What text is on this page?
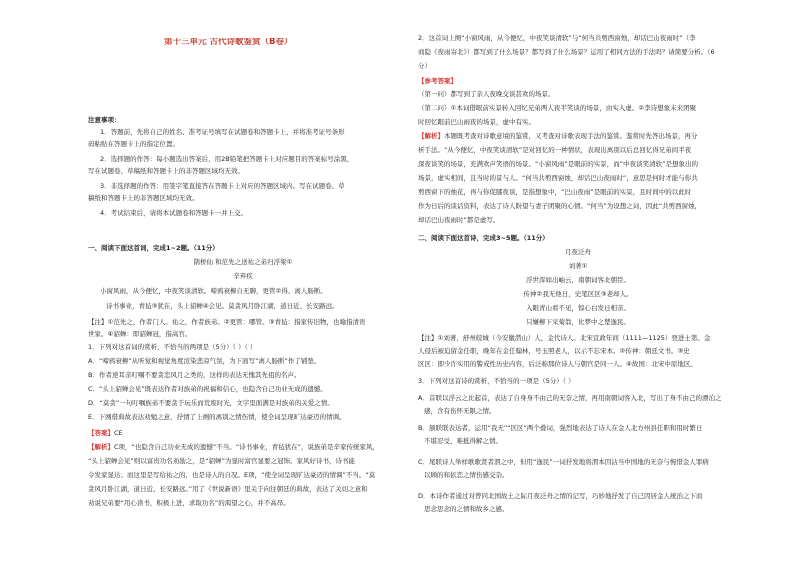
第十三单元 古代诗歌鉴赏（B卷）
注意事项：
1．答题前，先将自己的姓名、准考证号填写在试题卷和答题卡上，并将准考证号条形
码粘贴在答题卡上的指定位置。
2．选择题的作答：每小题选出答案后，用2B铅笔把答题卡上对应题目的答案标号涂黑，
写在试题卷、草稿纸和答题卡上的非答题区域均无效。
3．非选择题的作答：用签字笔直接答在答题卡上对应的答题区域内。写在试题卷、草
稿纸和答题卡上的非答题区域均无效。
4．考试结束后，请将本试题卷和答题卡一并上交。
一、阅读下面这首词，完成1~2题。（11分）
鹊桥仙 和范先之送祐之弟归浮梁①
辛弃疾
小窗风雨，从今便忆，中夜笑谈清软。啼鸦衰柳自无聊，更管②得、离人肠断。
诗书事业，青毡③犹在，头上貂蝉④会见。莫贪风月卧江湖，道日近、长安路远。
【注】①范先之，作者门人。祐之，作者族弟。②更管：哪管。③青毡：指家传旧物，也喻指清贵
世家。④貂蝉：即貂蝉冠，指高官。
1．下列对这首词的赏析，不恰当的两项是（5分）（ ）（ ）
A．“啼鸦衰柳”从听觉和视觉角度渲染悲凉气氛，为下面写“离人肠断”作了铺垫。
B．作者逆耳亲叮嘱不要贪恋风月之类的，这样的表达无愧其先祖的名声。
C．“头上貂蝉会见”既表达作者对族弟的祝福和信心，也隐含自己功业无成的遗憾。
D．“莫贪”一句叮嘱族弟不要贪于玩乐而荒废时光，文字里面满是对族弟的关爱之情。
E．下阕借典故表达劝勉之意，抒情了上阕的离别之情伤情，使全词呈现旷达豪迈的情调。
【答案】CE
【解析】C项，“也隐含自己功业无成的遗憾”不当。“诗书事业，青毡犹在”，说族弟是辛家传统家风，
“头上貂蝉会见”则以富贵功名劝励之，是“貂蝉”为显时富官显要之冠饰。家风好诗书，诗书能
令发家显达；而这里是写给祐之的，也是诗人的自况。E项，“使全词呈现旷达豪迈的情调”不当。“莫
贪风月卧江湖，道日近、长安路远。”用了《世说新语》里关于向往朝廷的典故，表达了关切之意和
劝说兄弟要“用心读书，积极上进，求取功名”的渴望之心，并不高昂。
2．这首词上阕“小窗风雨，从今便忆，中夜笑谈清软”与“何当共剪西窗烛，却话巴山夜雨时”（李
商隐《夜雨寄北》）都写到了什么场景？都写到了什么场景？运用了相同方法的手法吗？请简要分析。（6
分）
【参考答案】
（第一问）都写到了亲人夜晚交谈甚欢的场景。
（第二问）①本词借眼前实景转入回忆兄弟两人夜半笑谈的场景，由实入虚。②李诗想象未来团聚
时回忆眼前巴山雨夜的场景，虚中有实。
【解析】本题既考查对诗歌意境的鉴赏，又考查对诗歌表现手法的鉴赏。鉴赏时先答出场景，再分
析手法。“从今便忆，中夜笑谈清软”是对回忆的一种情状，表现出离别以后总回忆得兄弟间半夜
深夜谈笑的场景，充满欢声笑语的场景。“小窗风雨”是眼前的实景，而“中夜谈笑清软”是想象出的
场景，虚实相间，且当时的景与人。“何当共剪西窗烛，却话巴山夜雨时”，意思是何时才能与你共
剪西窗下的烛花，再与你促膝夜谈，是指想象中，“巴山夜雨”是眼前的实景，且时间中的以此时
作为日后的谈话资料，表达了诗人盼望与妻子团聚的心情。“何当”为设想之词，因此“共剪西窗烛，
却话巴山夜雨时”都是虚写。
二、阅读下面这首诗，完成3~5题。（11分）
月夜泛舟
刘著①
浮世浑如出岫云，南朝词客北朝臣。
传神②我无他日，史笔区区③老却人。
入眼青山看不见，惊心白发日相亲。
只嫌柳下采菊翁，比梦中之楚逸民。
【注】①刘著，舒州皖城（今安徽潜山）人，金代诗人。北宋宣政年间（1111—1125）登进士第。金
人侵后被迫留金任职，晚年在金任翰林，号玉照老人，以示不忘宋本。②传神：朝廷文书。③史
区区：即少许实用的警戒性历史内容，后泛称那位诗人与朝官是同一人。④故国：北宋中原地区。
3．下列对这首诗的赏析，不恰当的一项是（5分）（ ）
A．首联以浮云之比起首，表达了自身身不由己的无奈之情，再用南朝词客入北，写出了身不由己的漂泊之
感，含有伤怀无限之情。
B．颔联联表达者，运用“我无”“区区”两个叠词，强烈地表达了诗人在金人北方州县任职和用时繁日
不堪忍受、难抵得解之情。
C．尾联诗人举样歌歌贤者渭之中，但用“逸民”一词抒发地将渭本因沾当中国地的无奈与惋惜金人罪病
以顾的和依恋之情伤感交杂。
D．本诗作者通过对曾同北国故土之际月夜泛舟之情的记写，巧妙地抒发了自己因居金人统治之下而
思念思念的之情和故乡之感。
